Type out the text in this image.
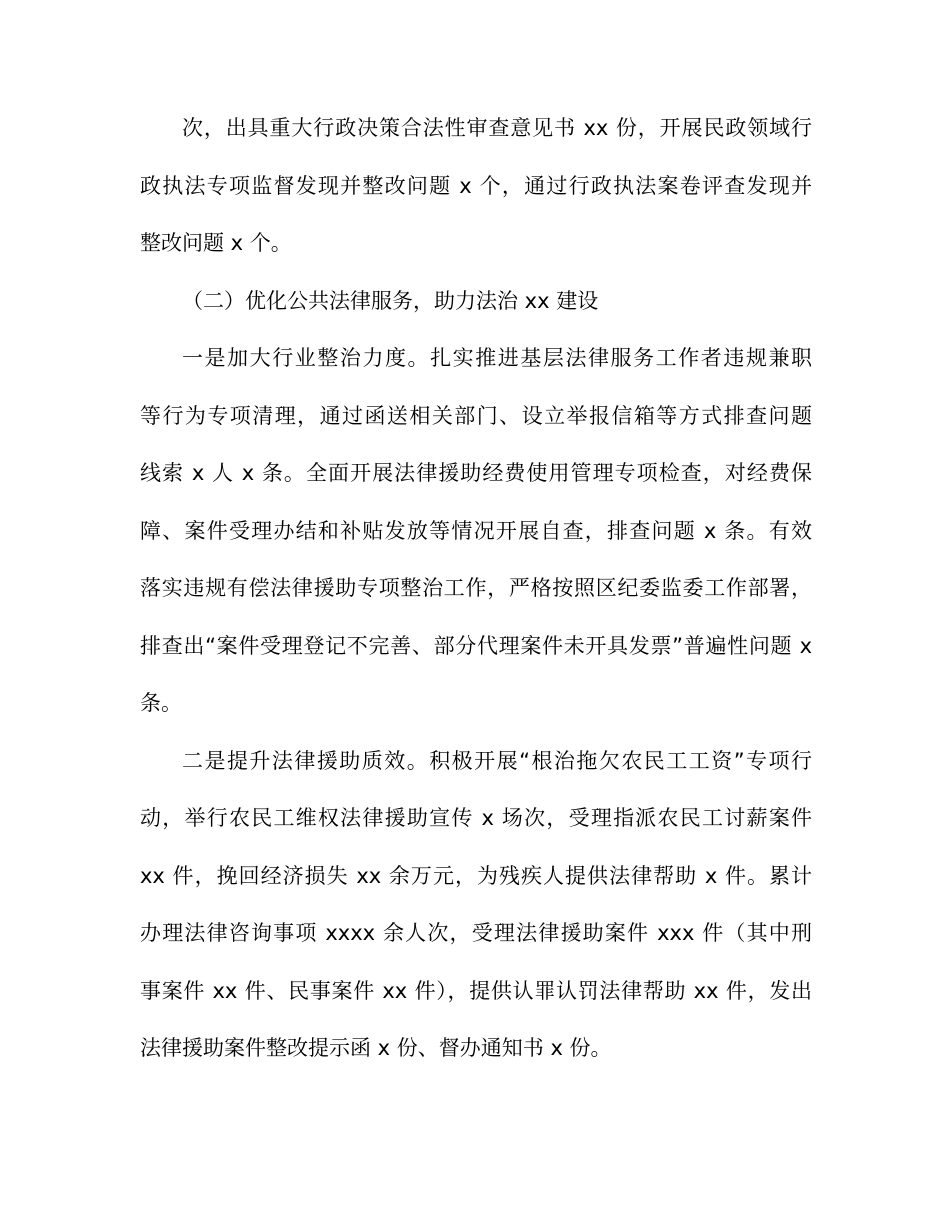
次，出具重大行政决策合法性审查意见书 xx 份，开展民政领域行
政执法专项监督发现并整改问题 x 个，通过行政执法案卷评查发现并
整改问题 x 个。
（二）优化公共法律服务，助力法治 xx 建设
一是加大行业整治力度。扎实推进基层法律服务工作者违规兼职
等行为专项清理，通过函送相关部门、设立举报信箱等方式排查问题
线索 x 人 x 条。全面开展法律援助经费使用管理专项检查，对经费保
障、案件受理办结和补贴发放等情况开展自查，排查问题 x 条。有效
落实违规有偿法律援助专项整治工作，严格按照区纪委监委工作部署，
排查出“案件受理登记不完善、部分代理案件未开具发票”普遍性问题 x
条。
二是提升法律援助质效。积极开展“根治拖欠农民工工资”专项行
动，举行农民工维权法律援助宣传 x 场次，受理指派农民工讨薪案件
xx 件，挽回经济损失 xx 余万元，为残疾人提供法律帮助 x 件。累计
办理法律咨询事项 xxxx 余人次，受理法律援助案件 xxx 件（其中刑
事案件 xx 件、民事案件 xx 件），提供认罪认罚法律帮助 xx 件，发出
法律援助案件整改提示函 x 份、督办通知书 x 份。
